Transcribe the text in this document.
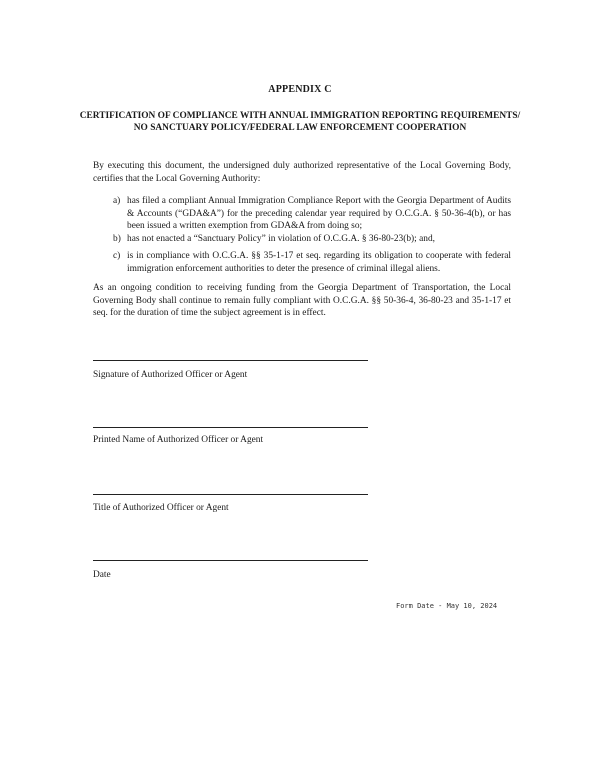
APPENDIX C
CERTIFICATION OF COMPLIANCE WITH ANNUAL IMMIGRATION REPORTING REQUIREMENTS/
NO SANCTUARY POLICY/FEDERAL LAW ENFORCEMENT COOPERATION
By executing this document, the undersigned duly authorized representative of the Local Governing Body, certifies that the Local Governing Authority:
a) has filed a compliant Annual Immigration Compliance Report with the Georgia Department of Audits & Accounts (“GDA&A”) for the preceding calendar year required by O.C.G.A. § 50-36-4(b), or has been issued a written exemption from GDA&A from doing so;
b) has not enacted a “Sanctuary Policy” in violation of O.C.G.A. § 36-80-23(b); and,
c) is in compliance with O.C.G.A. §§ 35-1-17 et seq. regarding its obligation to cooperate with federal immigration enforcement authorities to deter the presence of criminal illegal aliens.
As an ongoing condition to receiving funding from the Georgia Department of Transportation, the Local Governing Body shall continue to remain fully compliant with O.C.G.A. §§ 50-36-4, 36-80-23 and 35-1-17 et seq. for the duration of time the subject agreement is in effect.
Signature of Authorized Officer or Agent
Printed Name of Authorized Officer or Agent
Title of Authorized Officer or Agent
Date
Form Date - May 10, 2024
